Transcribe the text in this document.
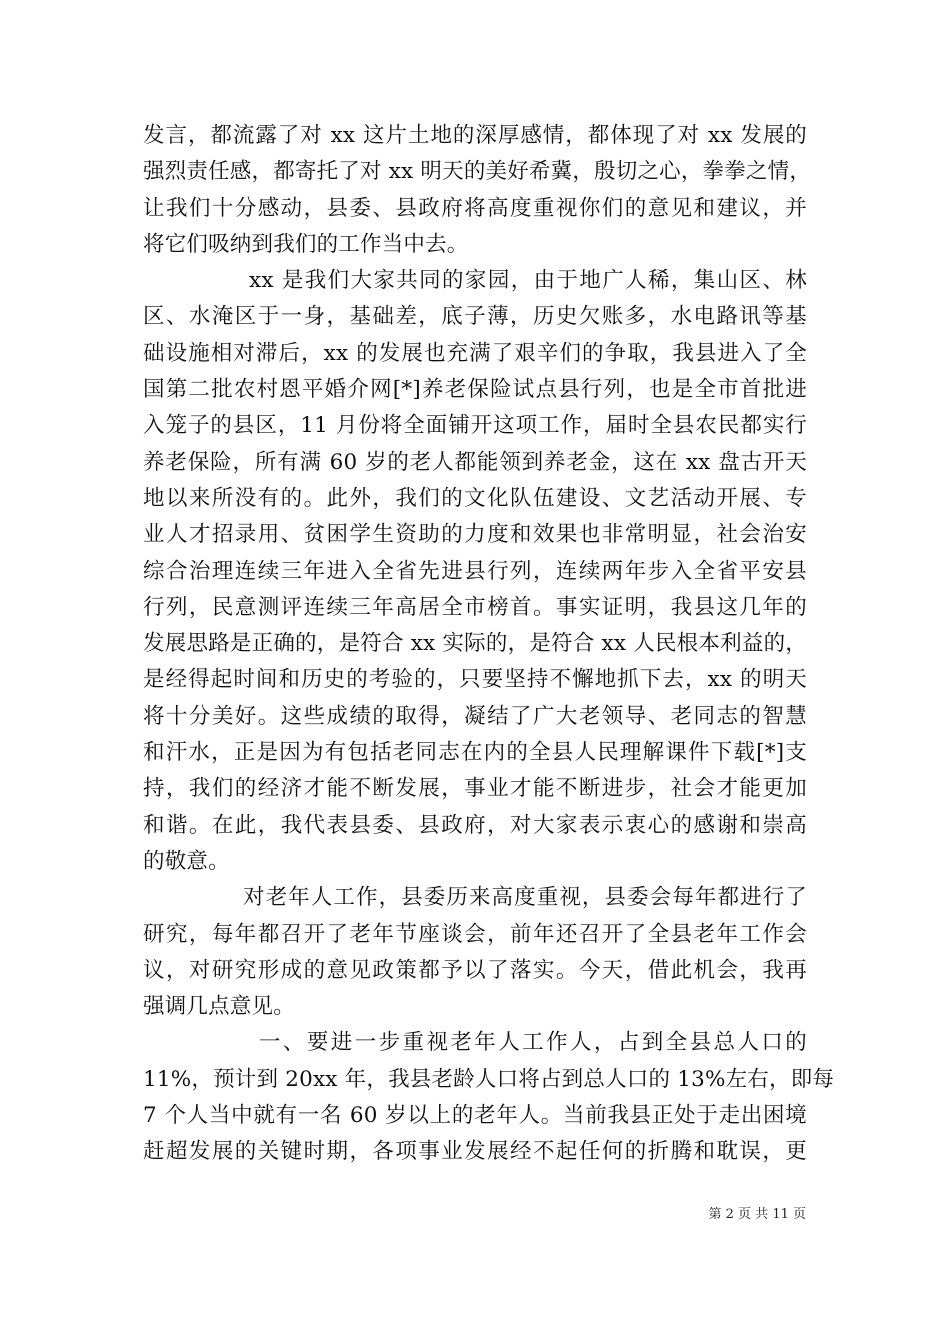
发言，都流露了对 xx 这片土地的深厚感情，都体现了对 xx 发展的
强烈责任感，都寄托了对 xx 明天的美好希冀，殷切之心，拳拳之情，
让我们十分感动，县委、县政府将高度重视你们的意见和建议，并
将它们吸纳到我们的工作当中去。
xx 是我们大家共同的家园，由于地广人稀，集山区、林
区、水淹区于一身，基础差，底子薄，历史欠账多，水电路讯等基
础设施相对滞后，xx 的发展也充满了艰辛们的争取，我县进入了全
国第二批农村恩平婚介网[*]养老保险试点县行列，也是全市首批进
入笼子的县区，11 月份将全面铺开这项工作，届时全县农民都实行
养老保险，所有满 60 岁的老人都能领到养老金，这在 xx 盘古开天
地以来所没有的。此外，我们的文化队伍建设、文艺活动开展、专
业人才招录用、贫困学生资助的力度和效果也非常明显，社会治安
综合治理连续三年进入全省先进县行列，连续两年步入全省平安县
行列，民意测评连续三年高居全市榜首。事实证明，我县这几年的
发展思路是正确的，是符合 xx 实际的，是符合 xx 人民根本利益的，
是经得起时间和历史的考验的，只要坚持不懈地抓下去，xx 的明天
将十分美好。这些成绩的取得，凝结了广大老领导、老同志的智慧
和汗水，正是因为有包括老同志在内的全县人民理解课件下载[*]支
持，我们的经济才能不断发展，事业才能不断进步，社会才能更加
和谐。在此，我代表县委、县政府，对大家表示衷心的感谢和崇高
的敬意。
对老年人工作，县委历来高度重视，县委会每年都进行了
研究，每年都召开了老年节座谈会，前年还召开了全县老年工作会
议，对研究形成的意见政策都予以了落实。今天，借此机会，我再
强调几点意见。
一、要进一步重视老年人工作人，占到全县总人口的
11%，预计到 20xx 年，我县老龄人口将占到总人口的 13%左右，即每
7 个人当中就有一名 60 岁以上的老年人。当前我县正处于走出困境
赶超发展的关键时期，各项事业发展经不起任何的折腾和耽误，更
第 2 页 共 11 页
